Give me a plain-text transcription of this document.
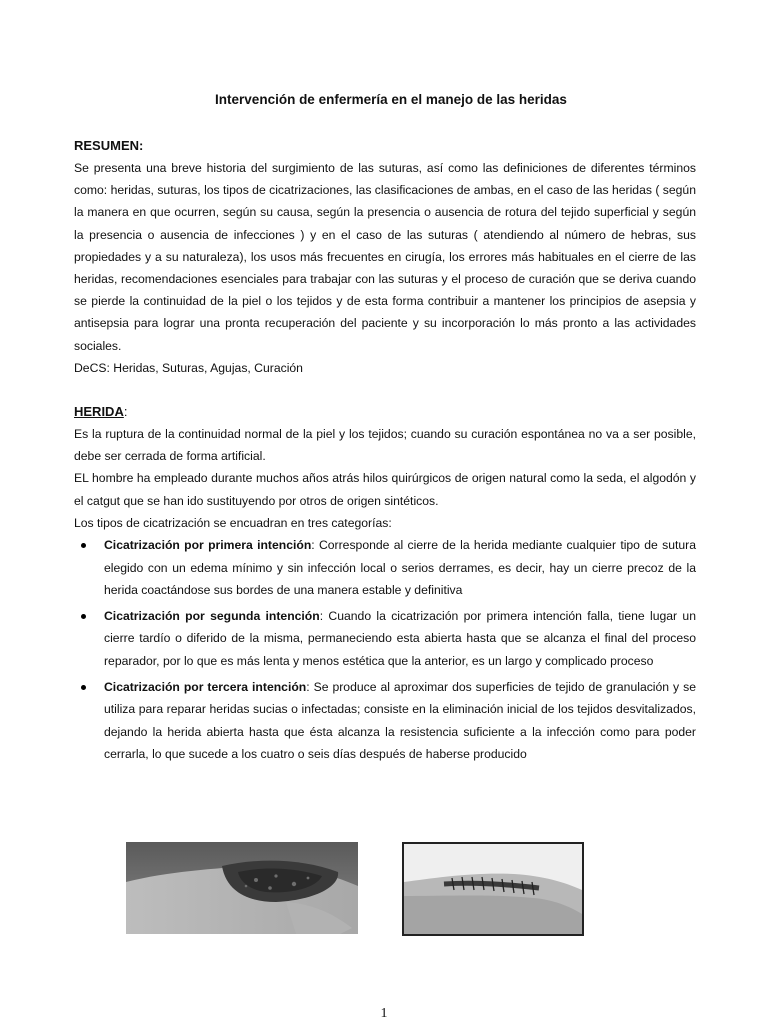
Intervención de enfermería en el manejo de las heridas
RESUMEN:

Se presenta una breve historia del surgimiento de las suturas, así como las definiciones de diferentes términos como: heridas, suturas, los tipos de cicatrizaciones, las clasificaciones de ambas, en el caso de las heridas ( según la manera en que ocurren, según su causa, según la presencia o ausencia de rotura del tejido superficial y según la presencia o ausencia de infecciones ) y en el caso de las suturas ( atendiendo al número de hebras, sus propiedades y a su naturaleza), los usos más frecuentes en cirugía, los errores más habituales en el cierre de las heridas, recomendaciones esenciales para trabajar con las suturas y el proceso de curación que se deriva cuando se pierde la continuidad de la piel o los tejidos y de esta forma contribuir a mantener los principios de asepsia y antisepsia para lograr una pronta recuperación del paciente y su incorporación lo más pronto a las actividades sociales.

DeCS: Heridas, Suturas, Agujas, Curación

HERIDA:

Es la ruptura de la continuidad normal de la piel y los tejidos; cuando su curación espontánea no va a ser posible, debe ser cerrada de forma artificial.

EL hombre ha empleado durante muchos años atrás hilos quirúrgicos de origen natural como la seda, el algodón y el catgut que se han ido sustituyendo por otros de origen sintéticos.

Los tipos de cicatrización se encuadran en tres categorías:

Cicatrización por primera intención: Corresponde al cierre de la herida mediante cualquier tipo de sutura elegido con un edema mínimo y sin infección local o serios derrames, es decir, hay un cierre precoz de la herida coactándose sus bordes de una manera estable y definitiva

Cicatrización por segunda intención: Cuando la cicatrización por primera intención falla, tiene lugar un cierre tardío o diferido de la misma, permaneciendo esta abierta hasta que se alcanza el final del proceso reparador, por lo que es más lenta y menos estética que la anterior, es un largo y complicado proceso

Cicatrización por tercera intención: Se produce al aproximar dos superficies de tejido de granulación y se utiliza para reparar heridas sucias o infectadas; consiste en la eliminación inicial de los tejidos desvitalizados, dejando la herida abierta hasta que ésta alcanza la resistencia suficiente a la infección como para poder cerrarla, lo que sucede a los cuatro o seis días después de haberse producido

1
